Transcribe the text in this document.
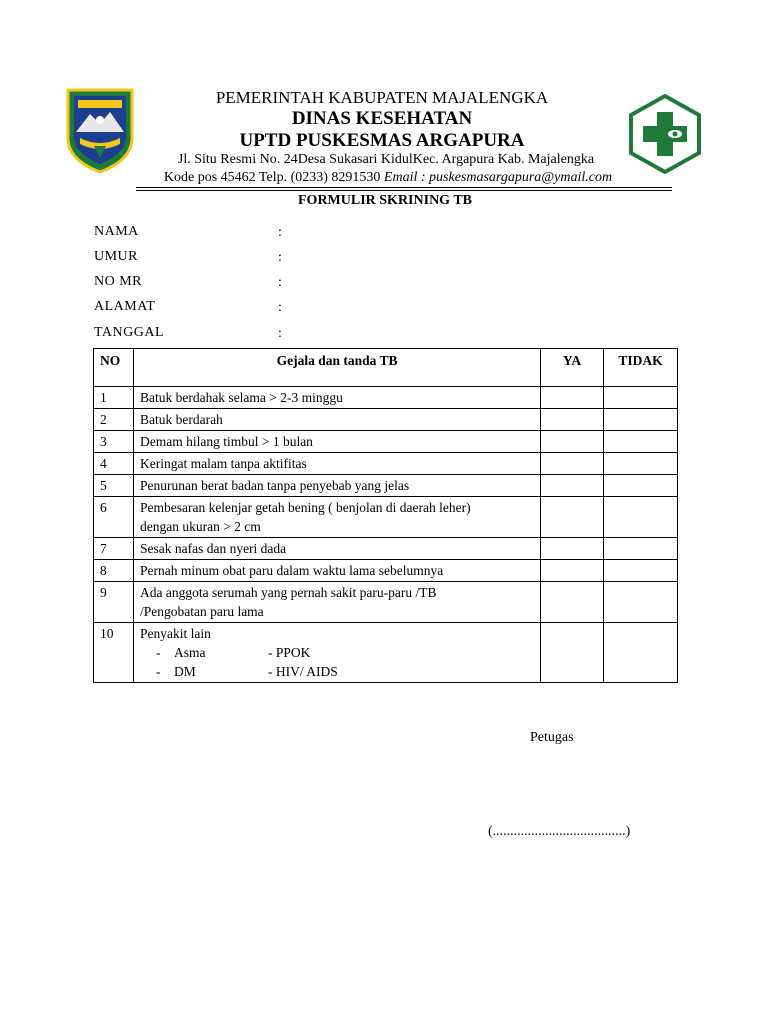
PEMERINTAH KABUPATEN MAJALENGKA
DINAS KESEHATAN
UPTD PUSKESMAS ARGAPURA
Jl. Situ Resmi No. 24Desa Sukasari KidulKec. Argapura Kab. Majalengka
Kode pos 45462 Telp. (0233) 8291530 Email : puskesmasargapura@ymail.com
FORMULIR SKRINING TB
NAMA	:
UMUR	:
NO MR	:
ALAMAT	:
TANGGAL	:
NO	Gejala dan tanda TB	YA	TIDAK
1	Batuk berdahak selama > 2-3 minggu		
2	Batuk berdarah		
3	Demam hilang timbul > 1 bulan		
4	Keringat malam tanpa aktifitas		
5	Penurunan berat badan tanpa penyebab yang jelas		
6	Pembesaran kelenjar getah bening ( benjolan di daerah leher)
dengan ukuran > 2 cm		

7	Sesak nafas dan nyeri dada		
8	Pernah minum obat paru dalam waktu lama sebelumnya		
9	Ada anggota serumah yang pernah sakit paru-paru /TB
/Pengobatan paru lama		

10	Penyakit lain
- Asma - PPOK
- DM - HIV/ AIDS		

Petugas
(......................................)
